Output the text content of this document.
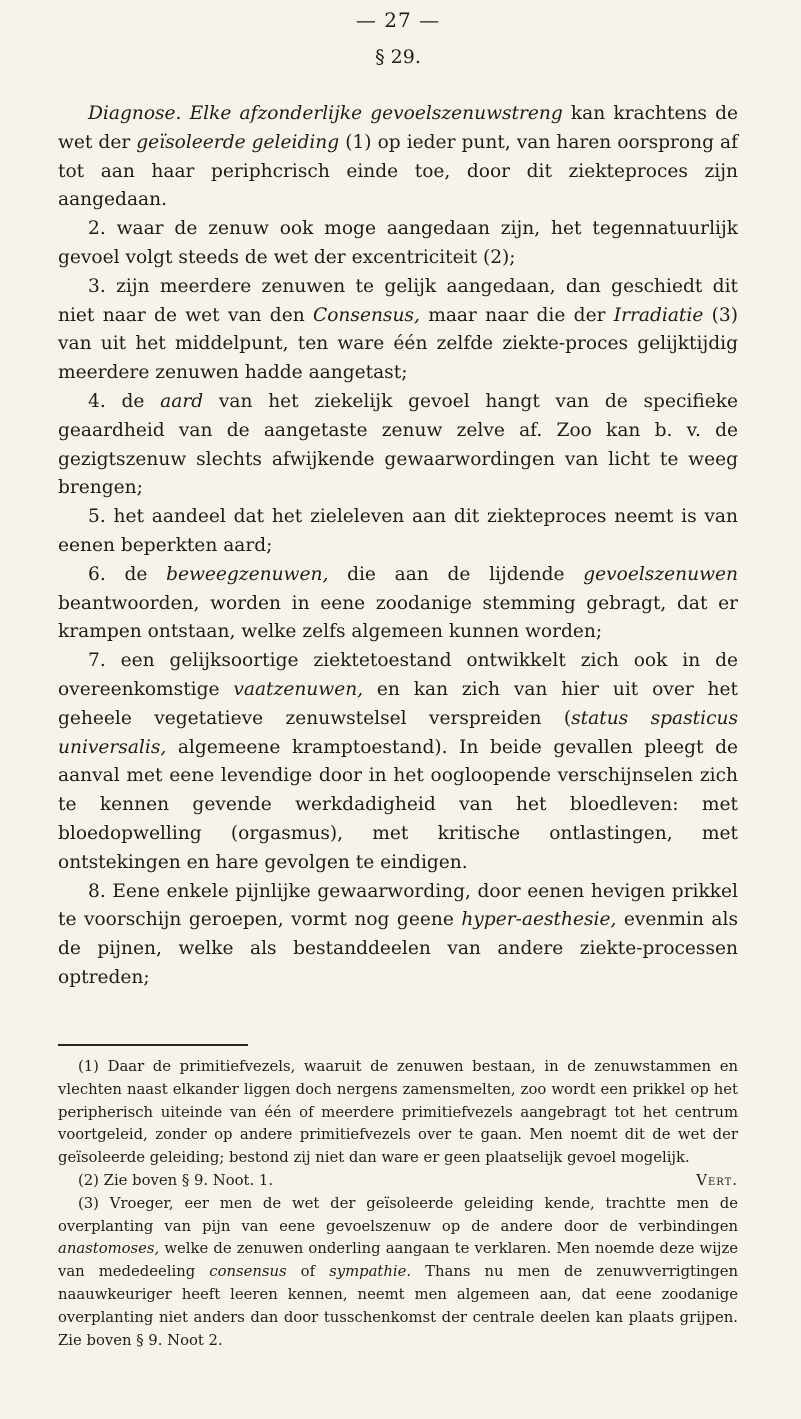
— 27 —
§ 29.

Diagnose. Elke afzonderlijke gevoelszenuwstreng kan krachtens de wet der geïsoleerde geleiding (1) op ieder punt, van haren oorsprong af tot aan haar periphcrisch einde toe, door dit ziekteproces zijn aangedaan.

2. waar de zenuw ook moge aangedaan zijn, het tegennatuurlijk gevoel volgt steeds de wet der excentriciteit (2);

3. zijn meerdere zenuwen te gelijk aangedaan, dan geschiedt dit niet naar de wet van den Consensus, maar naar die der Irradiatie (3) van uit het middelpunt, ten ware één zelfde ziekte-proces gelijktijdig meerdere zenuwen hadde aangetast;

4. de aard van het ziekelijk gevoel hangt van de specifieke geaardheid van de aangetaste zenuw zelve af. Zoo kan b. v. de gezigtszenuw slechts afwijkende gewaarwordingen van licht te weeg brengen;

5. het aandeel dat het zieleleven aan dit ziekteproces neemt is van eenen beperkten aard;

6. de beweegzenuwen, die aan de lijdende gevoelszenuwen beantwoorden, worden in eene zoodanige stemming gebragt, dat er krampen ontstaan, welke zelfs algemeen kunnen worden;

7. een gelijksoortige ziektetoestand ontwikkelt zich ook in de overeenkomstige vaatzenuwen, en kan zich van hier uit over het geheele vegetatieve zenuwstelsel verspreiden (status spasticus universalis, algemeene kramptoestand). In beide gevallen pleegt de aanval met eene levendige door in het oogloopende verschijnselen zich te kennen gevende werkdadigheid van het bloedleven: met bloedopwelling (orgasmus), met kritische ontlastingen, met ontstekingen en hare gevolgen te eindigen.

8. Eene enkele pijnlijke gewaarwording, door eenen hevigen prikkel te voorschijn geroepen, vormt nog geene hyper-aesthesie, evenmin als de pijnen, welke als bestanddeelen van andere ziekte-processen optreden;

(1) Daar de primitiefvezels, waaruit de zenuwen bestaan, in de zenuwstammen en vlechten naast elkander liggen doch nergens zamensmelten, zoo wordt een prikkel op het peripherisch uiteinde van één of meerdere primitiefvezels aangebragt tot het centrum voortgeleid, zonder op andere primitiefvezels over te gaan. Men noemt dit de wet der geïsoleerde geleiding; bestond zij niet dan ware er geen plaatselijk gevoel mogelijk.
Vert.

(2) Zie boven § 9. Noot. 1.

(3) Vroeger, eer men de wet der geïsoleerde geleiding kende, trachtte men de overplanting van pijn van eene gevoelszenuw op de andere door de verbindingen anastomoses, welke de zenuwen onderling aangaan te verklaren. Men noemde deze wijze van mededeeling consensus of sympathie. Thans nu men de zenuwverrigtingen naauwkeuriger heeft leeren kennen, neemt men algemeen aan, dat eene zoodanige overplanting niet anders dan door tusschenkomst der centrale deelen kan plaats grijpen. Zie boven § 9. Noot 2.
